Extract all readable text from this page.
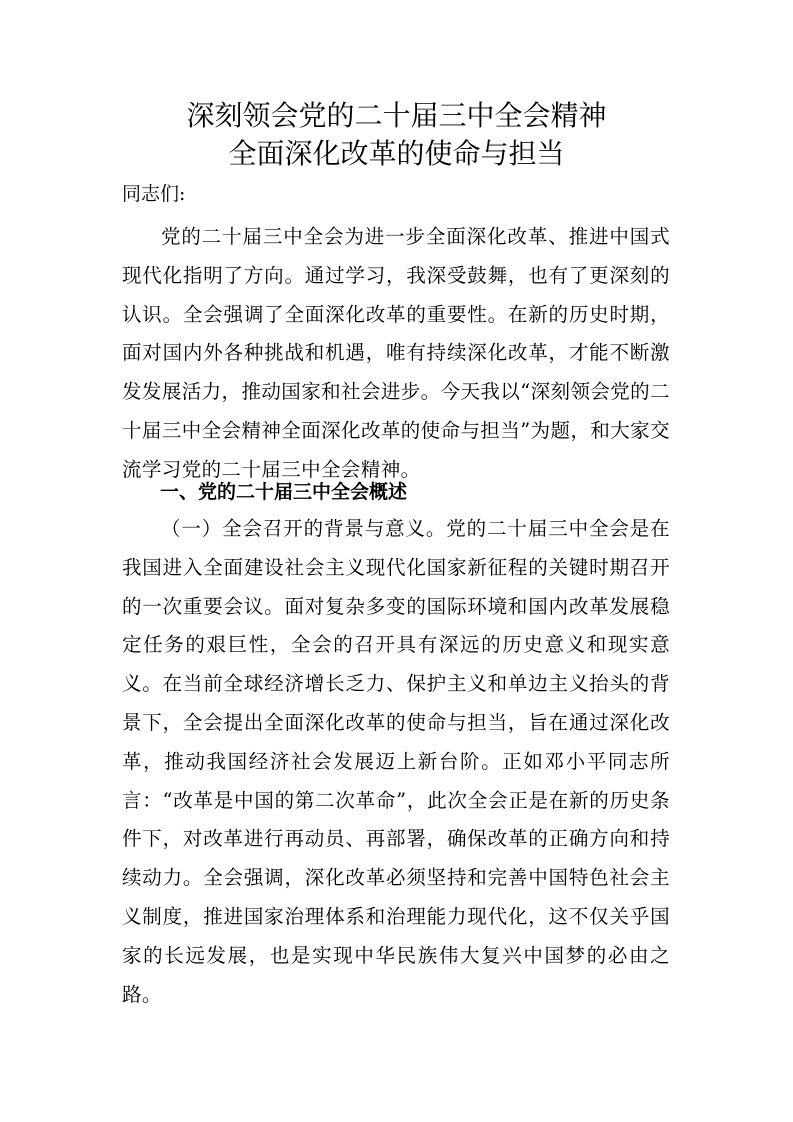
深刻领会党的二十届三中全会精神
全面深化改革的使命与担当
同志们:

党的二十届三中全会为进一步全面深化改革、推进中国式现代化指明了方向。通过学习，我深受鼓舞，也有了更深刻的认识。全会强调了全面深化改革的重要性。在新的历史时期，面对国内外各种挑战和机遇，唯有持续深化改革，才能不断激发发展活力，推动国家和社会进步。今天我以“深刻领会党的二十届三中全会精神全面深化改革的使命与担当”为题，和大家交流学习党的二十届三中全会精神。

一、党的二十届三中全会概述

（一）全会召开的背景与意义。党的二十届三中全会是在我国进入全面建设社会主义现代化国家新征程的关键时期召开的一次重要会议。面对复杂多变的国际环境和国内改革发展稳定任务的艰巨性，全会的召开具有深远的历史意义和现实意义。在当前全球经济增长乏力、保护主义和单边主义抬头的背景下，全会提出全面深化改革的使命与担当，旨在通过深化改革，推动我国经济社会发展迈上新台阶。正如邓小平同志所言：“改革是中国的第二次革命”，此次全会正是在新的历史条件下，对改革进行再动员、再部署，确保改革的正确方向和持续动力。全会强调，深化改革必须坚持和完善中国特色社会主义制度，推进国家治理体系和治理能力现代化，这不仅关乎国家的长远发展，也是实现中华民族伟大复兴中国梦的必由之路。
